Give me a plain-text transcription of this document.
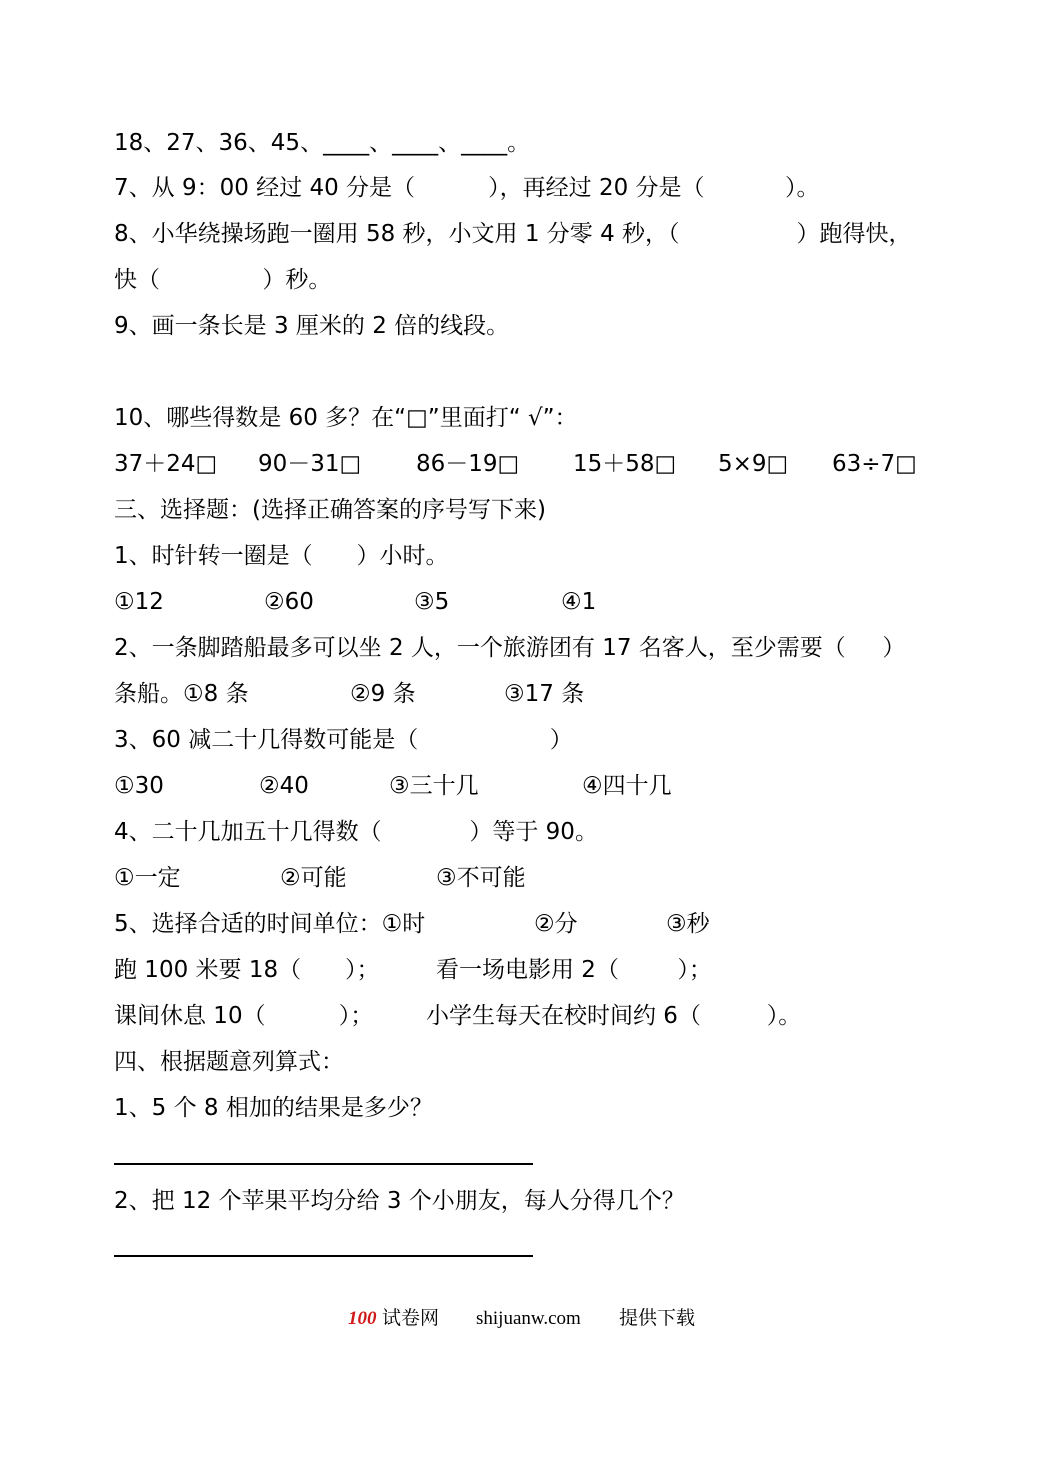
18、27、36、45、____、____、____。
7、从 9：00 经过 40 分是（          ），再经过 20 分是（           ）。
8、小华绕操场跑一圈用 58 秒，小文用 1 分零 4 秒，（                ）跑得快，
快（              ）秒。
9、画一条长是 3 厘米的 2 倍的线段。
10、哪些得数是 60 多？在“□”里面打“ √”：

37＋24□

90－31□

86－19□

15＋58□

5×9□

63÷7□

三、选择题：(选择正确答案的序号写下来)
1、时针转一圈是（      ）小时。

①12

	②60

	③5

	④1

2、一条脚踏船最多可以坐 2 人，一个旅游团有 17 名客人，至少需要（     ）

条船。①8 条

	②9 条

	③17 条

3、60 减二十几得数可能是（                  ）

①30

	②40

	③三十几

	④四十几

4、二十几加五十几得数（            ）等于 90。

①一定

	②可能

	③不可能

5、选择合适的时间单位：①时

	②分

	③秒

跑 100 米要 18（      ）；

看一场电影用 2（        ）；

课间休息 10（          ）；

小学生每天在校时间约 6（         ）。

四、根据题意列算式：
1、5 个 8 相加的结果是多少？
2、把 12 个苹果平均分给 3 个小朋友，每人分得几个？
100 试卷网 shijuanw.com 提供下载
